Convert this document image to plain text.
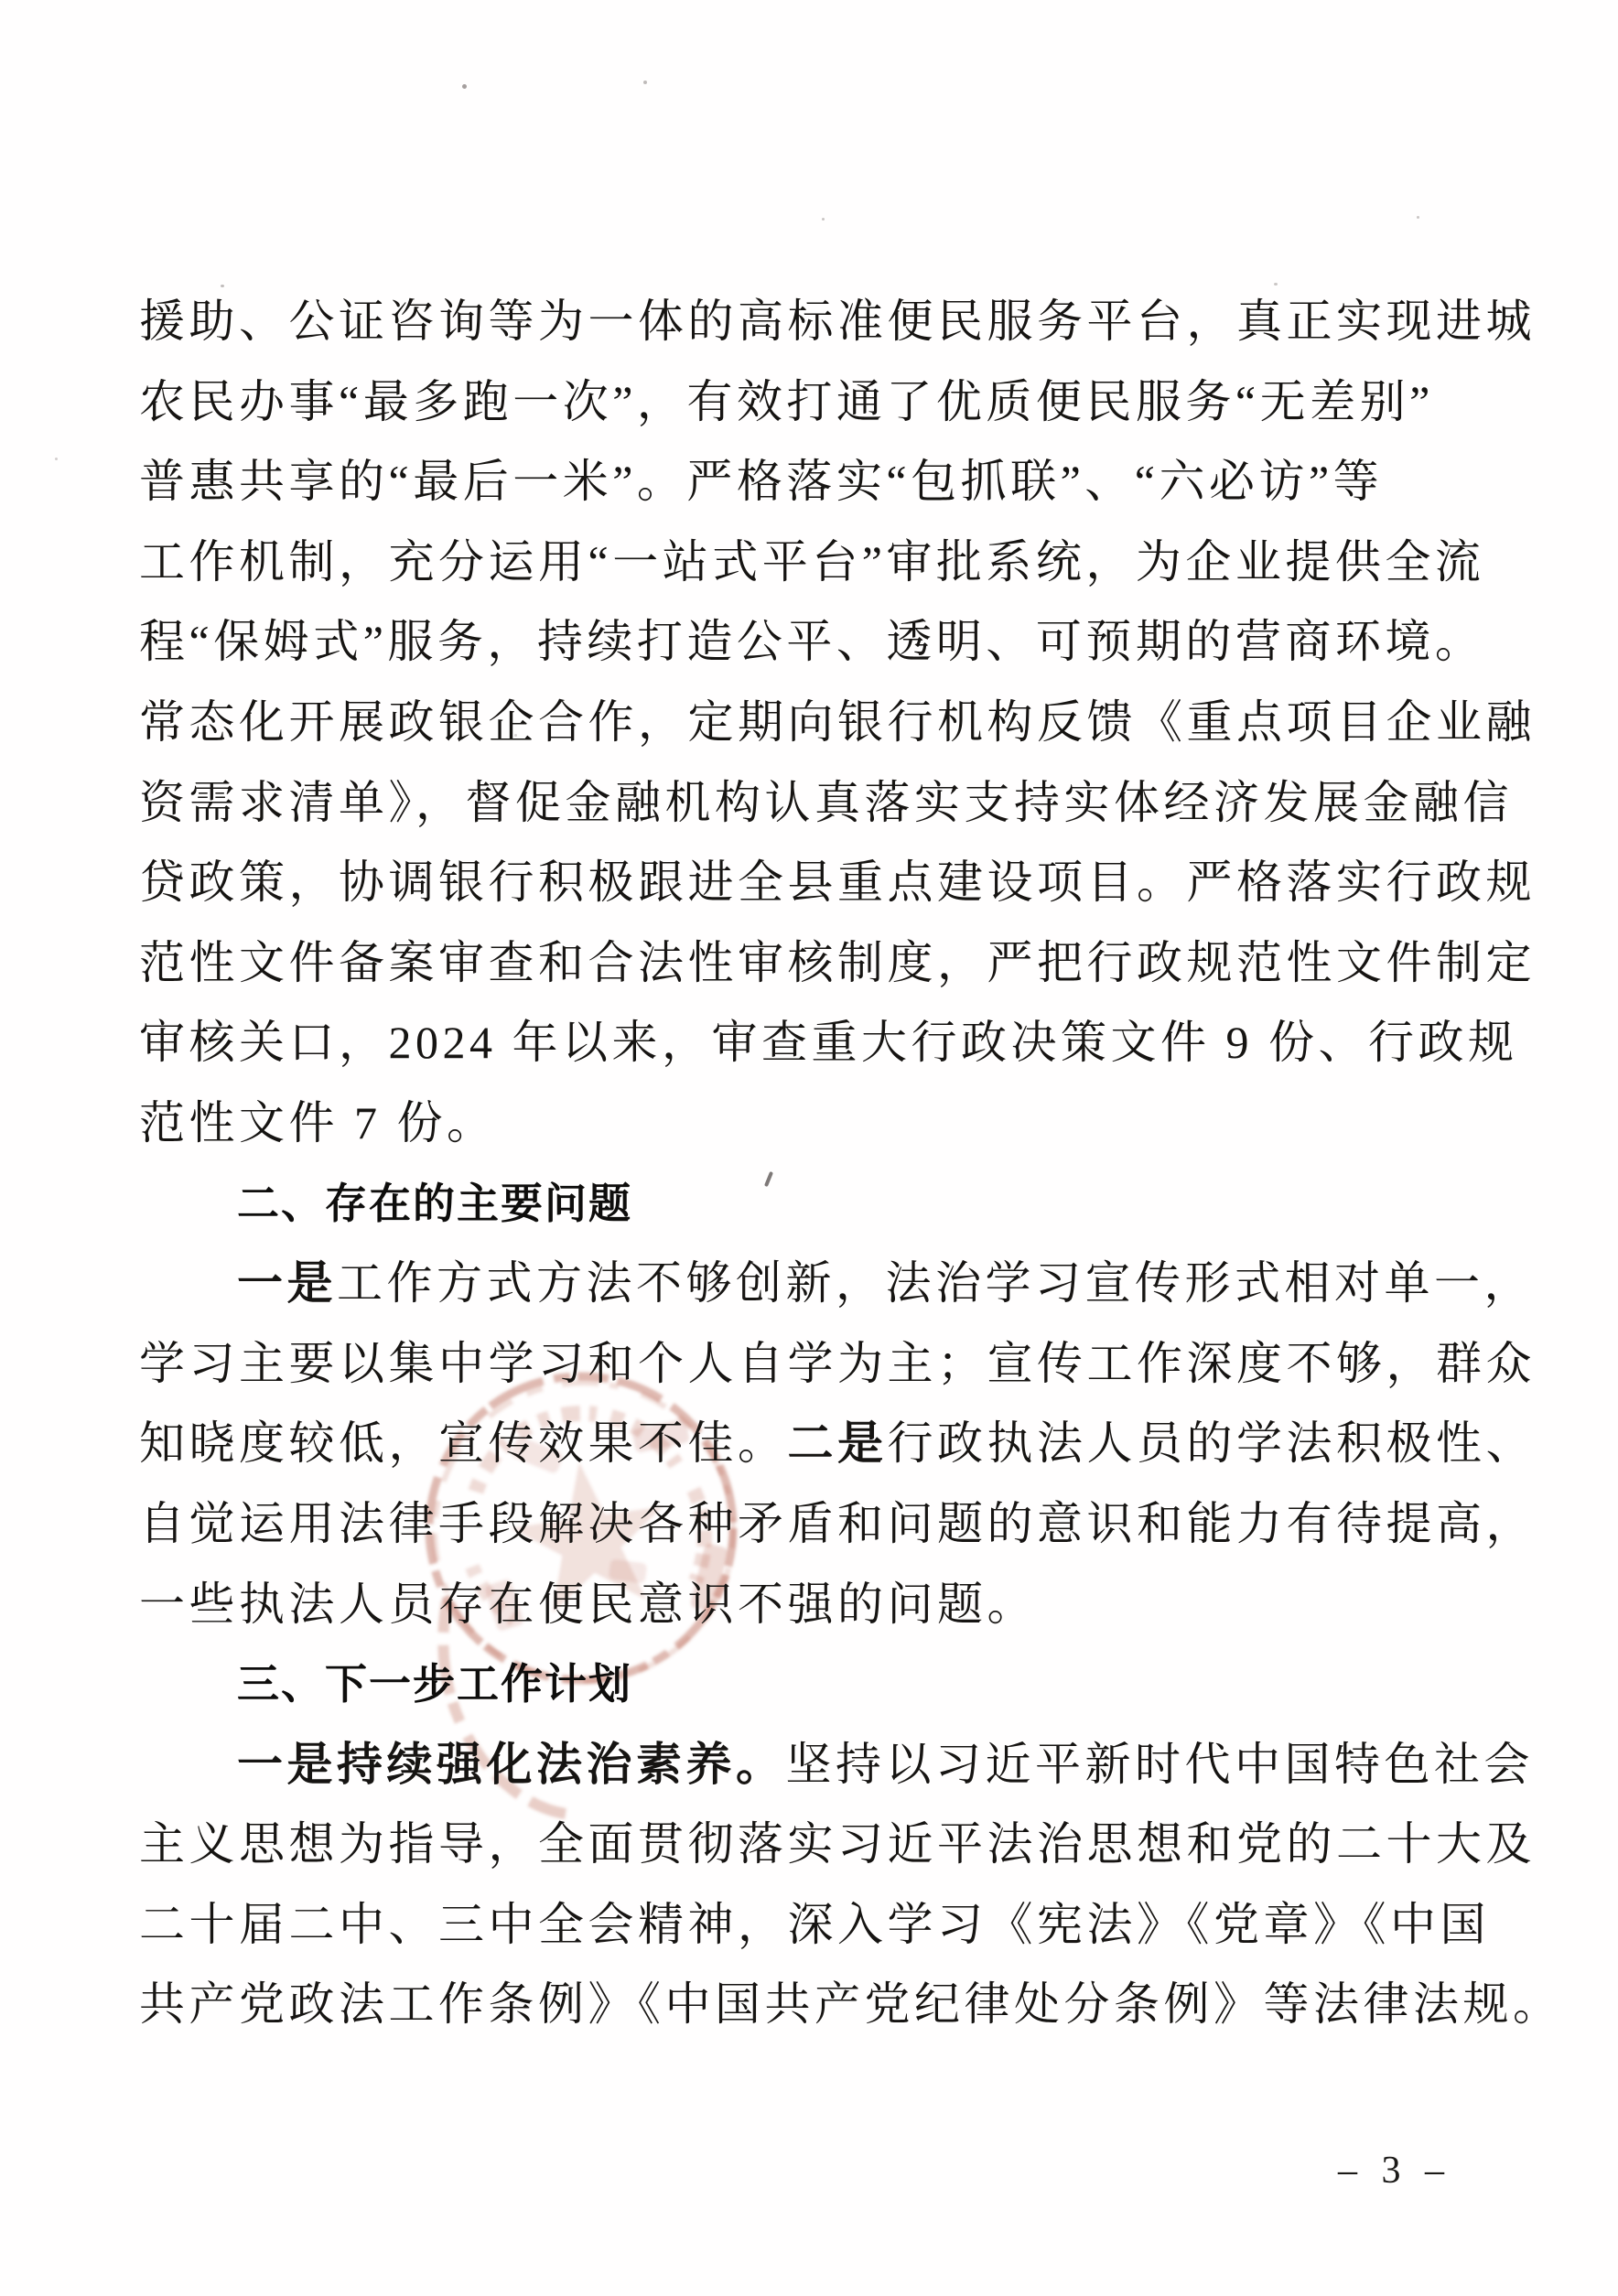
援助、公证咨询等为一体的高标准便民服务平台，真正实现进城
农民办事“最多跑一次”，有效打通了优质便民服务“无差别”
普惠共享的“最后一米”。严格落实“包抓联”、“六必访”等
工作机制，充分运用“一站式平台”审批系统，为企业提供全流
程“保姆式”服务，持续打造公平、透明、可预期的营商环境。
常态化开展政银企合作，定期向银行机构反馈《重点项目企业融
资需求清单》，督促金融机构认真落实支持实体经济发展金融信
贷政策，协调银行积极跟进全县重点建设项目。严格落实行政规
范性文件备案审查和合法性审核制度，严把行政规范性文件制定
审核关口，2024 年以来，审查重大行政决策文件 9 份、行政规
范性文件 7 份。
二、存在的主要问题
一是工作方式方法不够创新，法治学习宣传形式相对单一，
学习主要以集中学习和个人自学为主；宣传工作深度不够，群众
知晓度较低，宣传效果不佳。二是行政执法人员的学法积极性、
自觉运用法律手段解决各种矛盾和问题的意识和能力有待提高，
一些执法人员存在便民意识不强的问题。
三、下一步工作计划
一是持续强化法治素养。坚持以习近平新时代中国特色社会
主义思想为指导，全面贯彻落实习近平法治思想和党的二十大及
二十届二中、三中全会精神，深入学习《宪法》《党章》《中国
共产党政法工作条例》《中国共产党纪律处分条例》等法律法规。
– 3 –
